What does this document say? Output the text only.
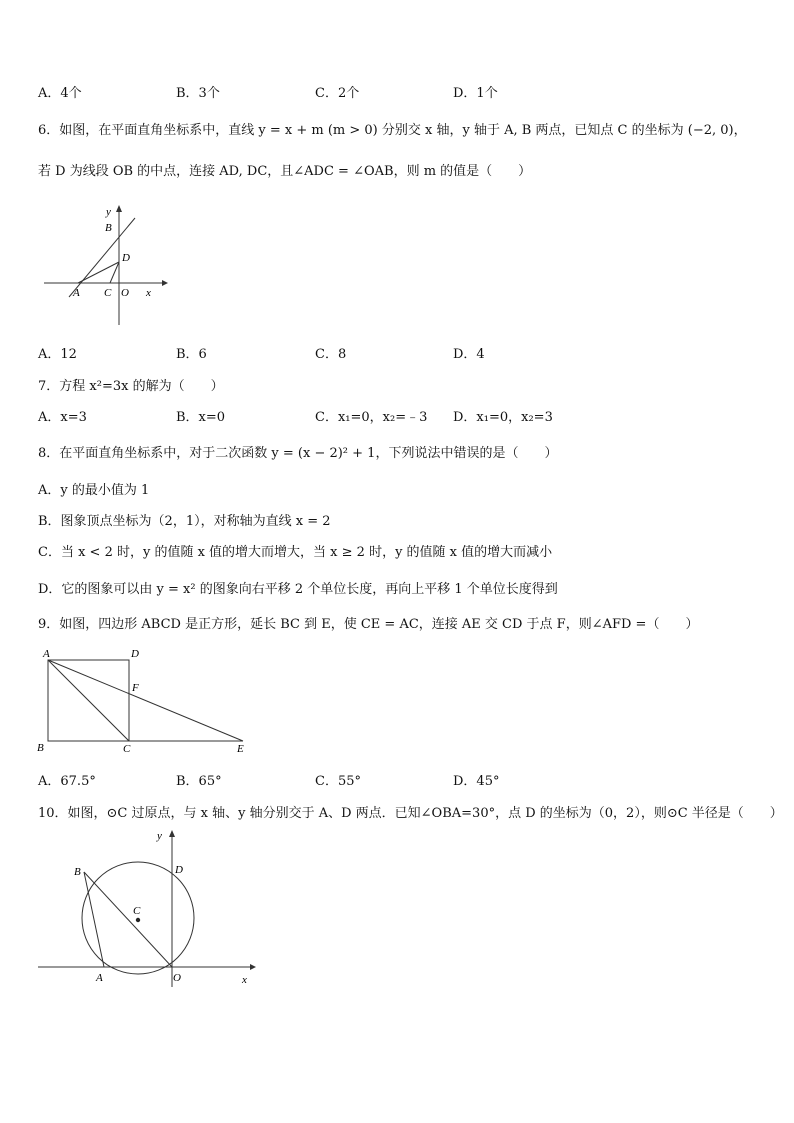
A．4个	B．3个	C．2个	D．1个
6．如图，在平面直角坐标系中，直线 y = x + m (m > 0) 分别交 x 轴，y 轴于 A, B 两点，已知点 C 的坐标为 (−2, 0)，
若 D 为线段 OB 的中点，连接 AD, DC，且∠ADC = ∠OAB，则 m 的值是（　　）
y
B
D
A C O x
A．12	B．6	C．8	D．4
7．方程 x²=3x 的解为（　　）
A．x=3	B．x=0	C．x₁=0，x₂=﹣3 D．x₁=0，x₂=3
8．在平面直角坐标系中，对于二次函数 y = (x − 2)² + 1，下列说法中错误的是（　　）
A．y 的最小值为 1
B．图象顶点坐标为（2，1），对称轴为直线 x = 2
C．当 x < 2 时，y 的值随 x 值的增大而增大，当 x ≥ 2 时，y 的值随 x 值的增大而减小
D．它的图象可以由 y = x² 的图象向右平移 2 个单位长度，再向上平移 1 个单位长度得到
9．如图，四边形 ABCD 是正方形，延长 BC 到 E，使 CE = AC，连接 AE 交 CD 于点 F，则∠AFD =（　　）
A	D
F
B	C	E
A．67.5°	B．65°	C．55°	D．45°
10．如图，⊙C 过原点，与 x 轴、y 轴分别交于 A、D 两点．已知∠OBA=30°，点 D 的坐标为（0，2），则⊙C 半径是（　　）
y
D
B
C
A	O	x
